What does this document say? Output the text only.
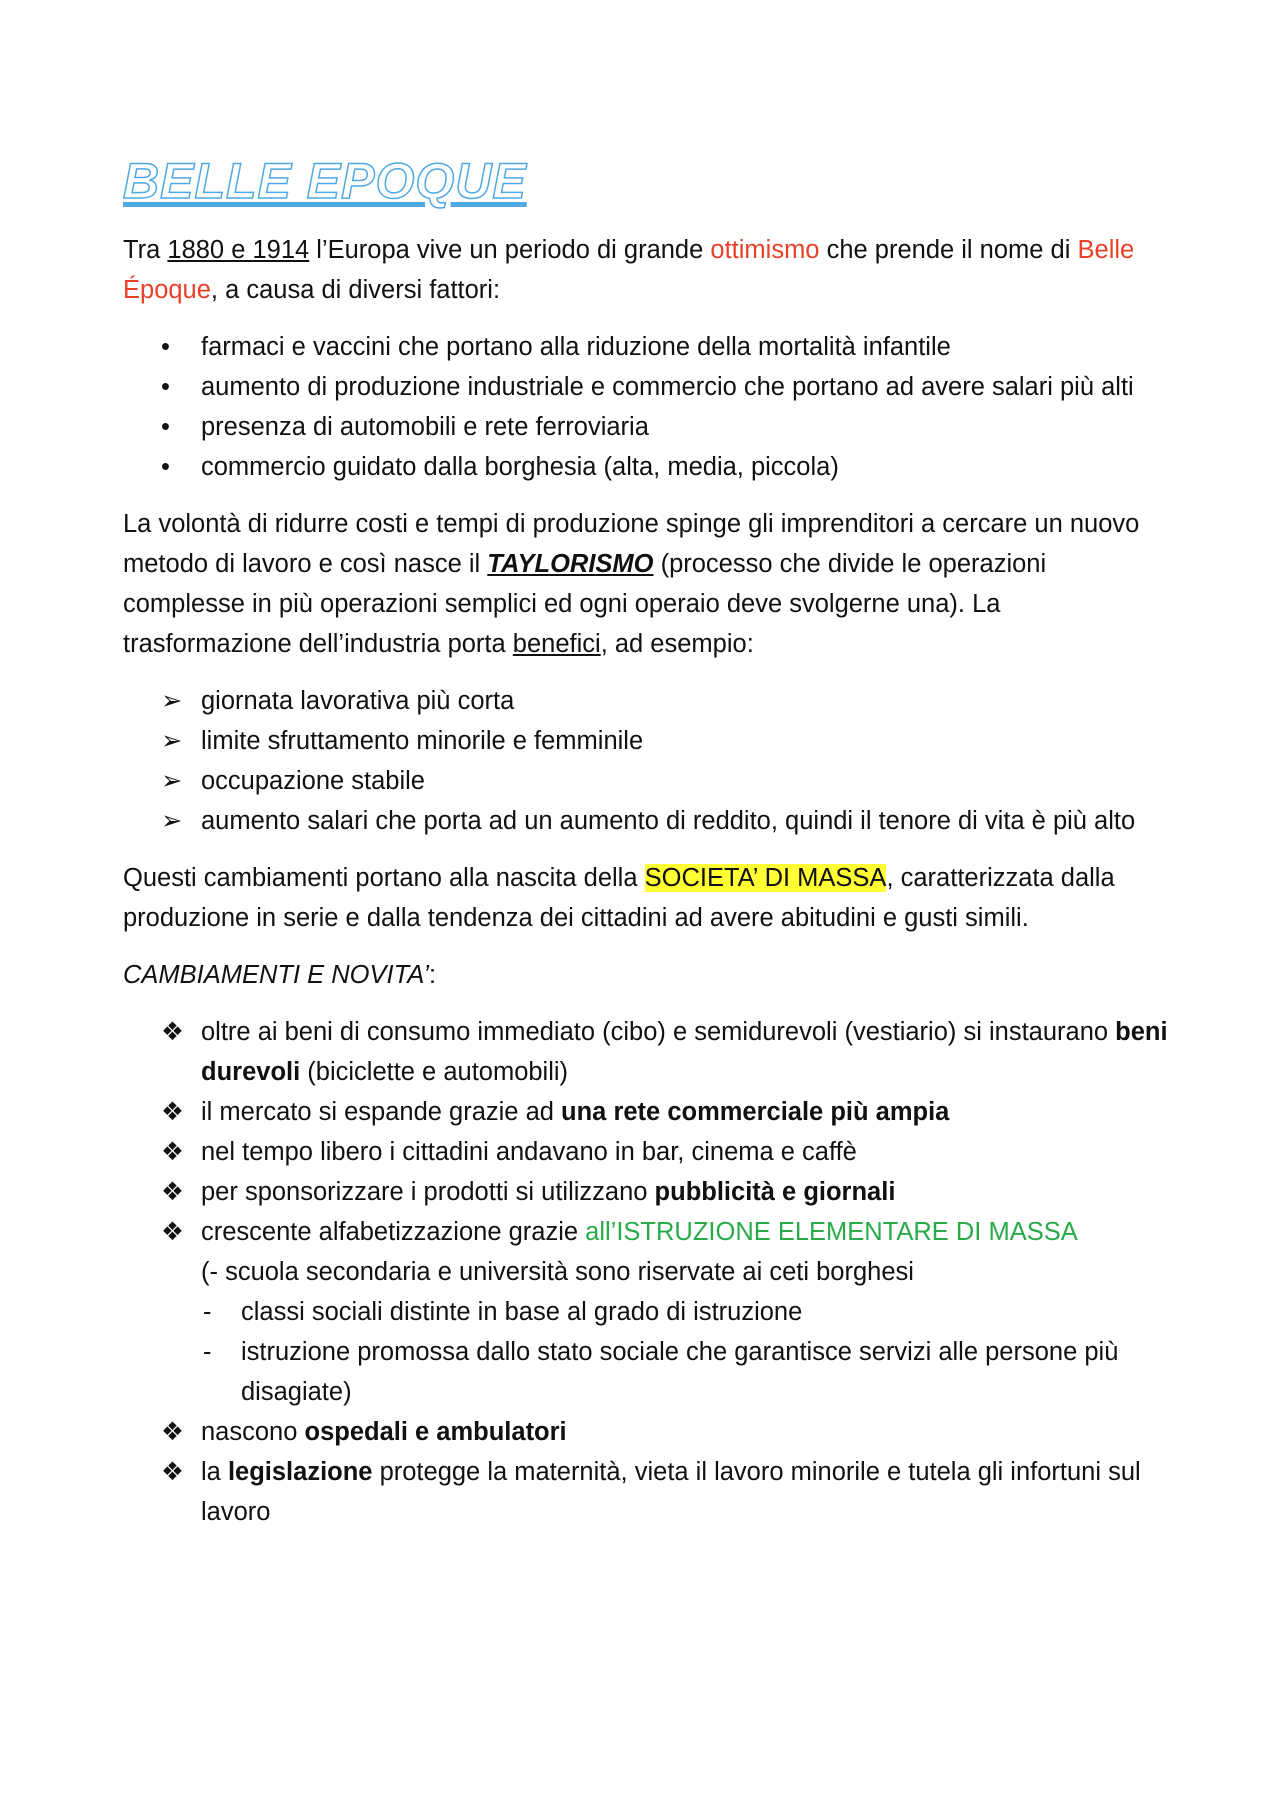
BELLE EPOQUE

Tra 1880 e 1914 l’Europa vive un periodo di grande ottimismo che prende il nome di Belle Époque, a causa di diversi fattori:

•	farmaci e vaccini che portano alla riduzione della mortalità infantile
•	aumento di produzione industriale e commercio che portano ad avere salari più alti
•	presenza di automobili e rete ferroviaria
•	commercio guidato dalla borghesia (alta, media, piccola)

La volontà di ridurre costi e tempi di produzione spinge gli imprenditori a cercare un nuovo metodo di lavoro e così nasce il TAYLORISMO (processo che divide le operazioni complesse in più operazioni semplici ed ogni operaio deve svolgerne una). La trasformazione dell’industria porta benefici, ad esempio:

➢ giornata lavorativa più corta
➢ limite sfruttamento minorile e femminile
➢ occupazione stabile
➢ aumento salari che porta ad un aumento di reddito, quindi il tenore di vita è più alto

Questi cambiamenti portano alla nascita della SOCIETA’ DI MASSA, caratterizzata dalla produzione in serie e dalla tendenza dei cittadini ad avere abitudini e gusti simili.

CAMBIAMENTI E NOVITA’:

❖ oltre ai beni di consumo immediato (cibo) e semidurevoli (vestiario) si instaurano beni durevoli (biciclette e automobili)
❖ il mercato si espande grazie ad una rete commerciale più ampia
❖ nel tempo libero i cittadini andavano in bar, cinema e caffè
❖ per sponsorizzare i prodotti si utilizzano pubblicità e giornali
❖ crescente alfabetizzazione grazie all’ISTRUZIONE ELEMENTARE DI MASSA
(- scuola secondaria e università sono riservate ai ceti borghesi
-	classi sociali distinte in base al grado di istruzione
-	istruzione promossa dallo stato sociale che garantisce servizi alle persone più disagiate)
❖ nascono ospedali e ambulatori
❖ la legislazione protegge la maternità, vieta il lavoro minorile e tutela gli infortuni sul lavoro
